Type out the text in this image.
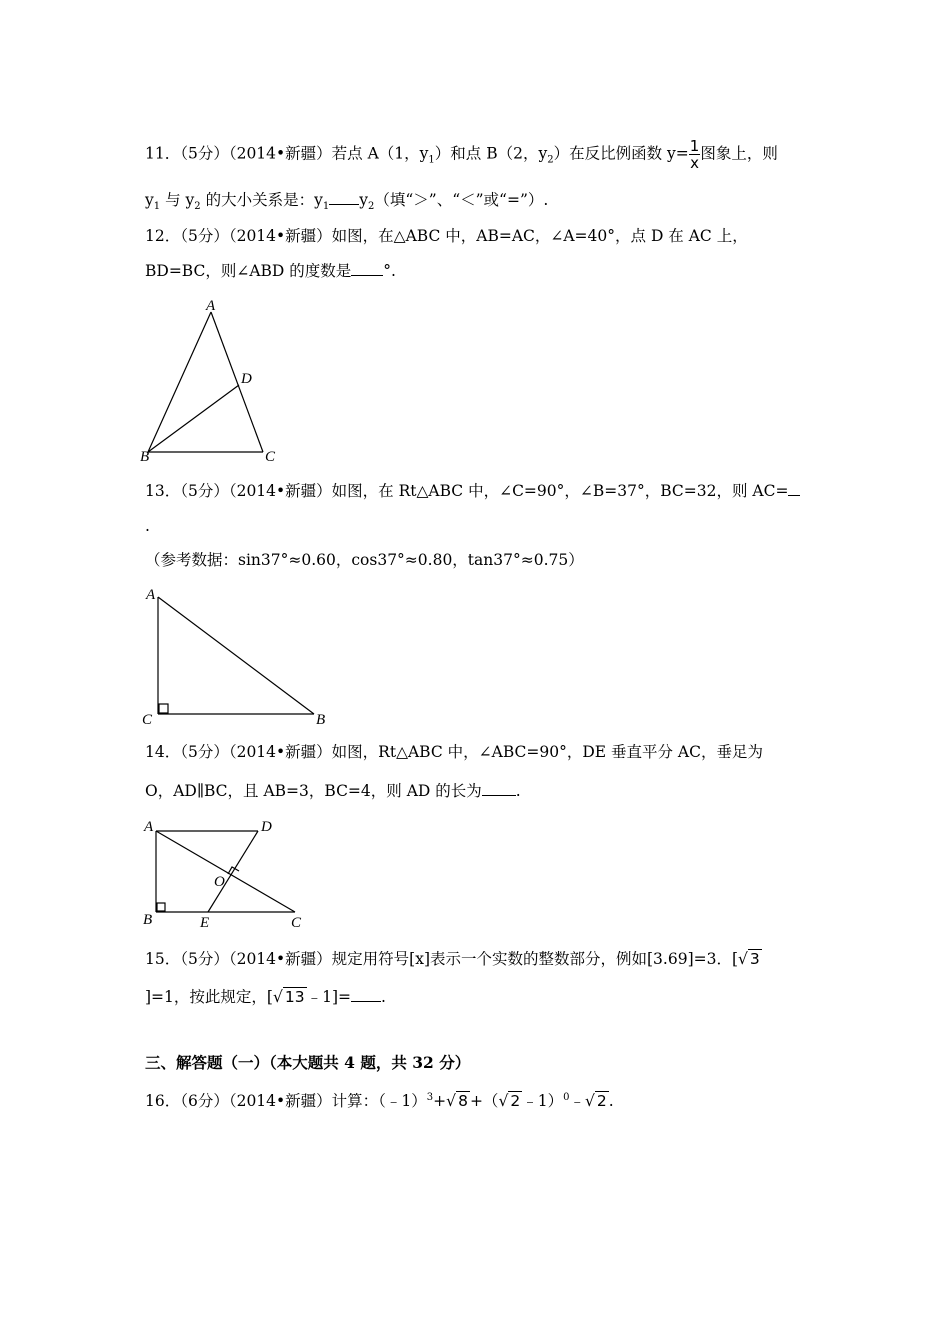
11．（5分）（2014•新疆）若点 A（1，$y_1$）和点 B（2，$y_2$）在反比例函数 $y= \frac{1}{x}$ 图象上，则
$y_1$ 与 $y_2$ 的大小关系是：$y_1$ $y_2$（填“＞”、“＜”或“=”）.
12．（5分）（2014•新疆）如图，在△ABC 中，AB=AC，∠A=40°，点 D 在 AC 上，
BD=BC，则∠ABD 的度数是 °.
A
B	C
D
13．（5分）（2014•新疆）如图，在 Rt△ABC 中，∠C=90°，∠B=37°，BC=32，则 AC=
.
（参考数据：sin37°≈0.60，cos37°≈0.80，tan37°≈0.75）
A
C	B
14．（5分）（2014•新疆）如图，Rt△ABC 中，∠ABC=90°，DE 垂直平分 AC，垂足为
O，AD∥BC，且 AB=3，BC=4，则 AD 的长为 .
A	D
O
B	E	C
15．（5分）（2014•新疆）规定用符号[x]表示一个实数的整数部分，例如[3.69]=3．[√ 3
]=1，按此规定，[√ 13 ﹣1]= .
三、解答题（一）（本大题共 4 题，共 32 分）
16．（6分）（2014•新疆）计算：（﹣1）$^3$+√ 8 +（√ 2 ﹣1）$^0$﹣√ 2 .
